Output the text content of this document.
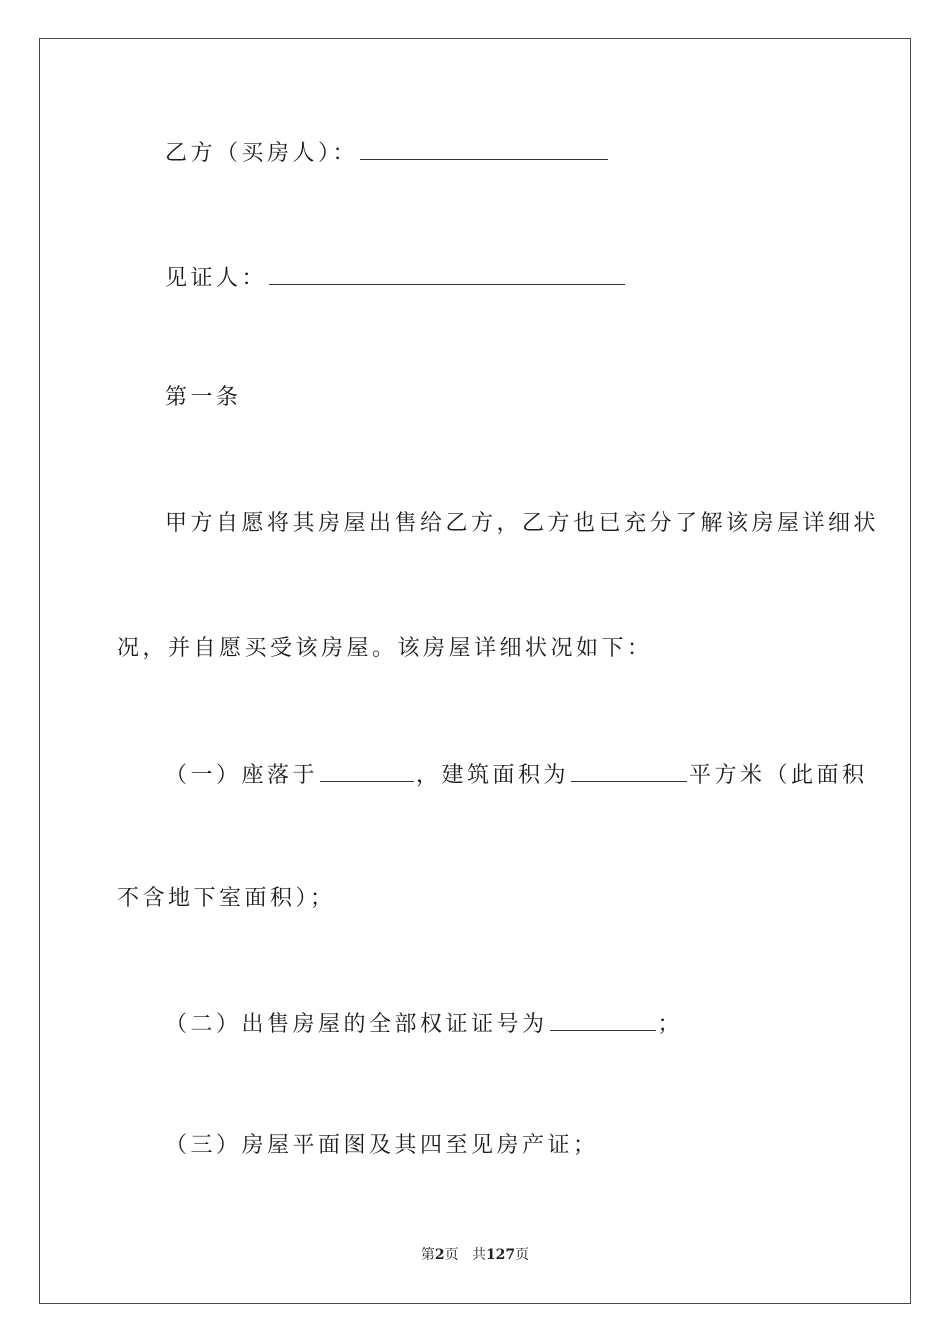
乙方（买房人）：
见证人：
第一条
甲方自愿将其房屋出售给乙方，乙方也已充分了解该房屋详细状
况，并自愿买受该房屋。该房屋详细状况如下：
（一）座落于	，建筑面积为	平方米（此面积
不含地下室面积）；
（二）出售房屋的全部权证证号为	；
（三）房屋平面图及其四至见房产证；
第2页 共127页
